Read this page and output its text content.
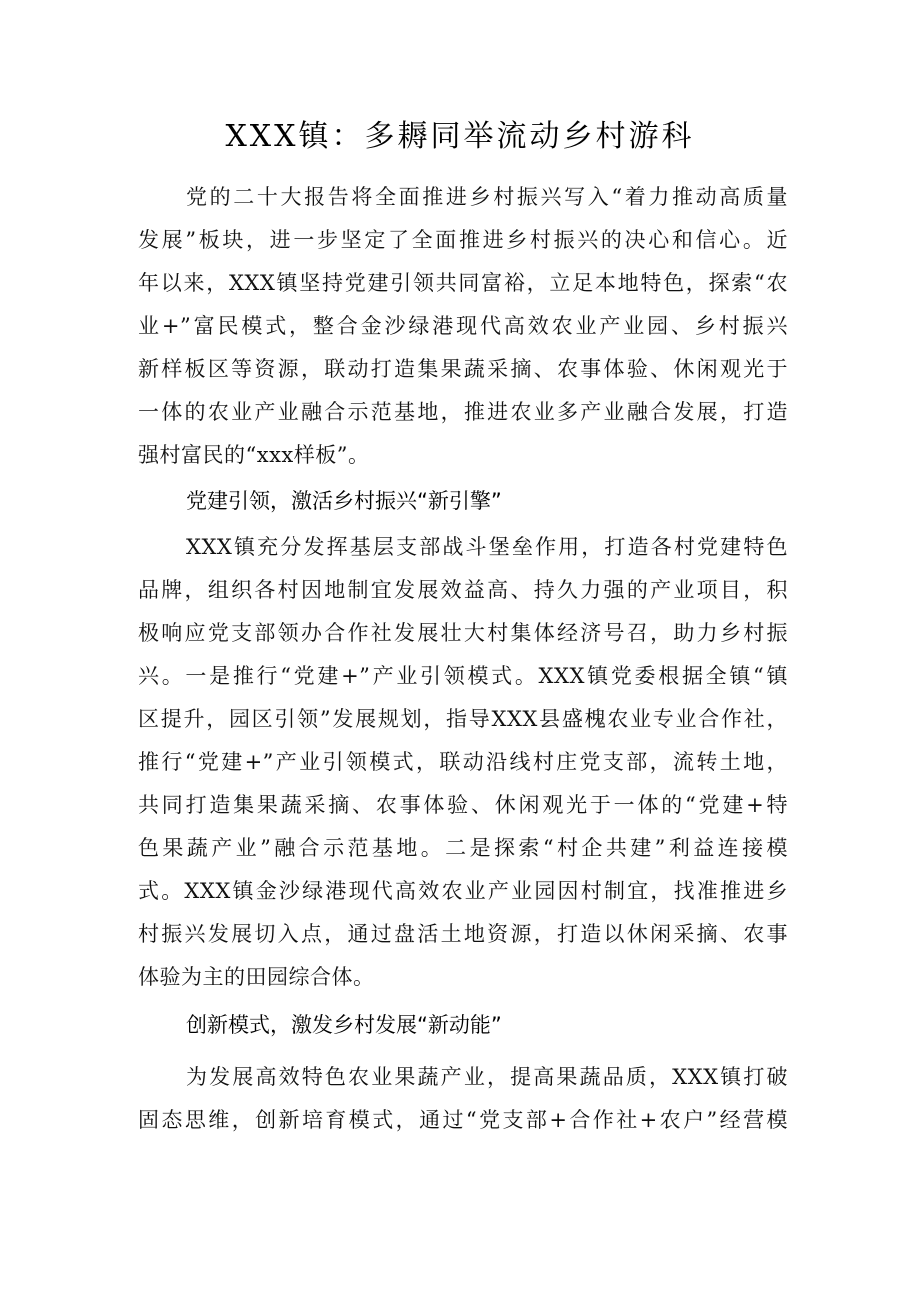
XXX镇：多耨同举流动乡村游科
党的二十大报告将全面推进乡村振兴写入“着力推动高质量
发展”板块，进一步坚定了全面推进乡村振兴的决心和信心。近
年以来，XXX镇坚持党建引领共同富裕，立足本地特色，探索“农
业+”富民模式，整合金沙绿港现代高效农业产业园、乡村振兴
新样板区等资源，联动打造集果蔬采摘、农事体验、休闲观光于
一体的农业产业融合示范基地，推进农业多产业融合发展，打造
强村富民的“xxx样板”。
党建引领，激活乡村振兴“新引擎”
XXX镇充分发挥基层支部战斗堡垒作用，打造各村党建特色
品牌，组织各村因地制宜发展效益高、持久力强的产业项目，积
极响应党支部领办合作社发展壮大村集体经济号召，助力乡村振
兴。一是推行“党建+”产业引领模式。XXX镇党委根据全镇“镇
区提升，园区引领”发展规划，指导XXX县盛槐农业专业合作社，
推行“党建+”产业引领模式，联动沿线村庄党支部，流转土地，
共同打造集果蔬采摘、农事体验、休闲观光于一体的“党建+特
色果蔬产业”融合示范基地。二是探索“村企共建”利益连接模
式。XXX镇金沙绿港现代高效农业产业园因村制宜，找准推进乡
村振兴发展切入点，通过盘活土地资源，打造以休闲采摘、农事
体验为主的田园综合体。
创新模式，激发乡村发展“新动能”
为发展高效特色农业果蔬产业，提高果蔬品质，XXX镇打破
固态思维，创新培育模式，通过“党支部+合作社+农户”经营模
